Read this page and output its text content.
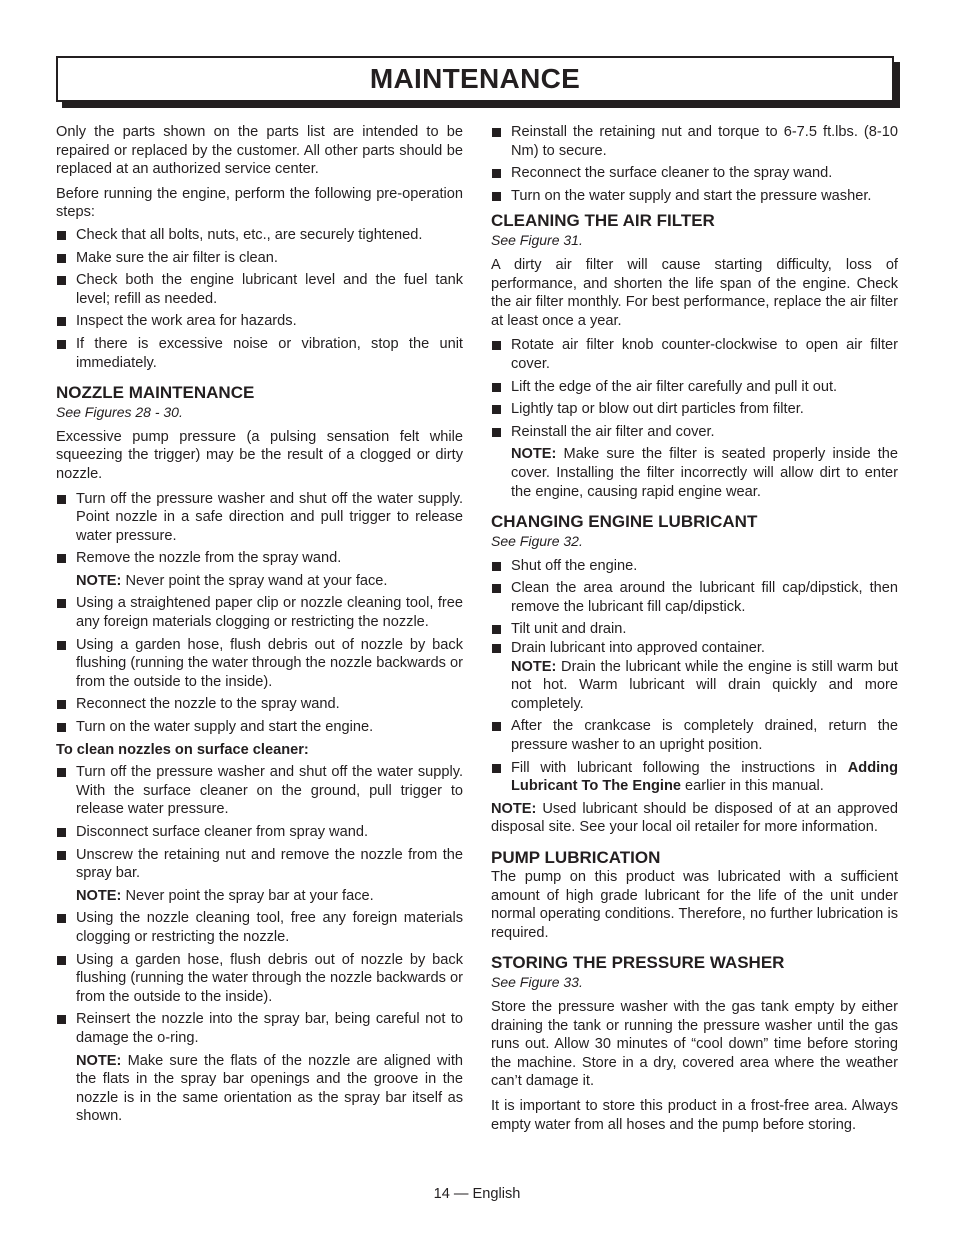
MAINTENANCE

Only the parts shown on the parts list are intended to be repaired or replaced by the customer. All other parts should be replaced at an authorized service center.

Before running the engine, perform the following pre-operation steps:

Check that all bolts, nuts, etc., are securely tightened.
Make sure the air filter is clean.
Check both the engine lubricant level and the fuel tank level; refill as needed.
Inspect the work area for hazards.
If there is excessive noise or vibration, stop the unit immediately.
NOZZLE MAINTENANCE
See Figures 28 - 30.

Excessive pump pressure (a pulsing sensation felt while squeezing the trigger) may be the result of a clogged or dirty nozzle.

Turn off the pressure washer and shut off the water supply. Point nozzle in a safe direction and pull trigger to release water pressure.
Remove the nozzle from the spray wand.
NOTE: Never point the spray wand at your face.
Using a straightened paper clip or nozzle cleaning tool, free any foreign materials clogging or restricting the nozzle.
Using a garden hose, flush debris out of nozzle by back flushing (running the water through the nozzle backwards or from the outside to the inside).
Reconnect the nozzle to the spray wand.
Turn on the water supply and start the engine.
To clean nozzles on surface cleaner:
Turn off the pressure washer and shut off the water supply. With the surface cleaner on the ground, pull trigger to release water pressure.
Disconnect surface cleaner from spray wand.
Unscrew the retaining nut and remove the nozzle from the spray bar.
NOTE: Never point the spray bar at your face.
Using the nozzle cleaning tool, free any foreign materials clogging or restricting the nozzle.
Using a garden hose, flush debris out of nozzle by back flushing (running the water through the nozzle backwards or from the outside to the inside).
Reinsert the nozzle into the spray bar, being careful not to damage the o-ring.
NOTE: Make sure the flats of the nozzle are aligned with the flats in the spray bar openings and the groove in the nozzle is in the same orientation as the spray bar itself as shown.
Reinstall the retaining nut and torque to 6-7.5 ft.lbs. (8-10 Nm) to secure.
Reconnect the surface cleaner to the spray wand.
Turn on the water supply and start the pressure washer.
CLEANING THE AIR FILTER
See Figure 31.

A dirty air filter will cause starting difficulty, loss of performance, and shorten the life span of the engine. Check the air filter monthly. For best performance, replace the air filter at least once a year.

Rotate air filter knob counter-clockwise to open air filter cover.
Lift the edge of the air filter carefully and pull it out.
Lightly tap or blow out dirt particles from filter.
Reinstall the air filter and cover.
NOTE: Make sure the filter is seated properly inside the cover. Installing the filter incorrectly will allow dirt to enter the engine, causing rapid engine wear.
CHANGING ENGINE LUBRICANT
See Figure 32.
Shut off the engine.
Clean the area around the lubricant fill cap/dipstick, then remove the lubricant fill cap/dipstick.
Tilt unit and drain.
Drain lubricant into approved container.
NOTE: Drain the lubricant while the engine is still warm but not hot. Warm lubricant will drain quickly and more completely.
After the crankcase is completely drained, return the pressure washer to an upright position.
Fill with lubricant following the instructions in Adding Lubricant To The Engine earlier in this manual.
NOTE: Used lubricant should be disposed of at an approved disposal site. See your local oil retailer for more information.
PUMP LUBRICATION

The pump on this product was lubricated with a sufficient amount of high grade lubricant for the life of the unit under normal operating conditions. Therefore, no further lubrication is required.

STORING THE PRESSURE WASHER
See Figure 33.

Store the pressure washer with the gas tank empty by either draining the tank or running the pressure washer until the gas runs out. Allow 30 minutes of “cool down” time before storing the machine. Store in a dry, covered area where the weather can’t damage it.

It is important to store this product in a frost-free area. Always empty water from all hoses and the pump before storing.

14 — English
